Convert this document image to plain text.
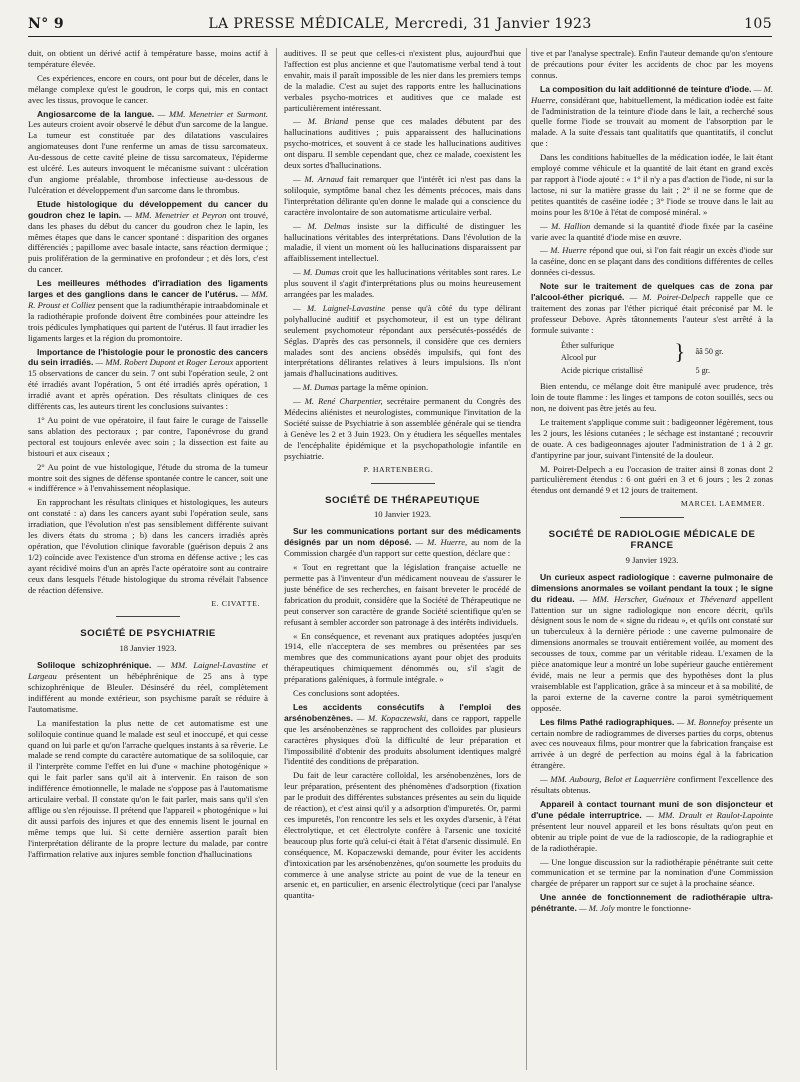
N° 9	LA PRESSE MÉDICALE, Mercredi, 31 Janvier 1923	105

duit, on obtient un dérivé actif à température basse, moins actif à température élevée.

Ces expériences, encore en cours, ont pour but de déceler, dans le mélange complexe qu'est le goudron, le corps qui, mis en contact avec les tissus, provoque le cancer.

Angiosarcome de la langue. — MM. Menetrier et Surmont. Les auteurs croient avoir observé le début d'un sarcome de la langue. La tumeur est constituée par des dilatations vasculaires angiomateuses dont l'une renferme un amas de tissu sarcomateux. Au-dessous de cette cavité pleine de tissu sarcomateux, l'épiderme est ulcéré. Les auteurs invoquent le mécanisme suivant : ulcération d'un angiome préalable, thrombose infectieuse au-dessous de l'ulcération et développement d'un sarcome dans le thrombus.

Etude histologique du développement du cancer du goudron chez le lapin. — MM. Menetrier et Peyron ont trouvé, dans les phases du début du cancer du goudron chez le lapin, les mêmes étapes que dans le cancer spontané : disparition des organes différenciés ; papillome avec basale intacte, sans réaction dermique ; puis prolifération de la germinative en profondeur ; et dès lors, c'est du cancer.

Les meilleures méthodes d'irradiation des ligaments larges et des ganglions dans le cancer de l'utérus. — MM. R. Proust et Colliez pensent que la radiumthérapie intraabdominale et la radiothérapie profonde doivent être combinées pour atteindre les trois pédicules lymphatiques qui partent de l'utérus. Il faut irradier les ligaments larges et la région du promontoire.

Importance de l'histologie pour le pronostic des cancers du sein irradiés. — MM. Robert Dupont et Roger Leroux apportent 15 observations de cancer du sein. 7 ont subi l'opération seule, 2 ont été irradiés avant l'opération, 5 ont été irradiés après opération, 1 irradié avant et après opération. Des résultats cliniques de ces différents cas, les auteurs tirent les conclusions suivantes :

1° Au point de vue opératoire, il faut faire le curage de l'aisselle sans ablation des pectoraux ; par contre, l'aponévrose du grand pectoral est toujours enlevée avec soin ; la dissection est faite au bistouri et aux ciseaux ;

2° Au point de vue histologique, l'étude du stroma de la tumeur montre soit des signes de défense spontanée contre le cancer, soit une « indifférence » à l'envahissement néoplasique.

En rapprochant les résultats cliniques et histologiques, les auteurs ont constaté : a) dans les cancers ayant subi l'opération seule, sans irradiation, que l'évolution n'est pas sensiblement différente suivant les divers états du stroma ; b) dans les cancers irradiés après opération, que l'évolution clinique favorable (guérison depuis 2 ans 1/2) coïncide avec l'existence d'un stroma en défense active ; les cas ayant récidivé moins d'un an après l'acte opératoire sont au contraire ceux dans lesquels l'étude histologique du stroma révélait l'absence de réaction défensive.

E. CIVATTE.
SOCIÉTÉ DE PSYCHIATRIE
18 Janvier 1923.

Soliloque schizophrénique. — MM. Laignel-Lavastine et Largeau présentent un hébéphrénique de 25 ans à type schizophrénique de Bleuler. Désinséré du réel, complètement indifférent au monde extérieur, son psychisme paraît se réduire à l'automatisme.

La manifestation la plus nette de cet automatisme est une soliloquie continue quand le malade est seul et inoccupé, et qui cesse quand on lui parle et qu'on l'arrache quelques instants à sa rêverie. Le malade se rend compte du caractère automatique de sa soliloquie, car il l'interprète comme l'effet en lui d'une « machine photogénique » qui le fait parler sans qu'il ait à intervenir. En raison de son indifférence émotionnelle, le malade ne s'oppose pas à l'automatisme articulaire verbal. Il constate qu'on le fait parler, mais sans qu'il s'en afflige ou s'en réjouisse. Il prétend que l'appareil « photogénique » lui dit aussi parfois des injures et que des ennemis lisent le journal en même temps que lui. Si cette dernière assertion paraît bien l'interprétation délirante de la propre lecture du malade, par contre l'affirmation relative aux injures semble fonction d'hallucinations

auditives. Il se peut que celles-ci n'existent plus, aujourd'hui que l'affection est plus ancienne et que l'automatisme verbal tend à tout envahir, mais il paraît impossible de les nier dans les premiers temps de la maladie. C'est au sujet des rapports entre les hallucinations verbales psycho-motrices et auditives que ce malade est particulièrement intéressant.

— M. Briand pense que ces malades débutent par des hallucinations auditives ; puis apparaissent des hallucinations psycho-motrices, et souvent à ce stade les hallucinations auditives ont disparu. Il semble cependant que, chez ce malade, coexistent les deux sortes d'hallucinations.

— M. Arnaud fait remarquer que l'intérêt ici n'est pas dans la soliloquie, symptôme banal chez les déments précoces, mais dans l'interprétation délirante qu'en donne le malade qui a conscience du caractère involontaire de son automatisme articulaire verbal.

— M. Delmas insiste sur la difficulté de distinguer les hallucinations véritables des interprétations. Dans l'évolution de la maladie, il vient un moment où les hallucinations disparaissent par affaiblissement intellectuel.

— M. Dumas croit que les hallucinations véritables sont rares. Le plus souvent il s'agit d'interprétations plus ou moins heureusement arrangées par les malades.

— M. Laignel-Lavastine pense qu'à côté du type délirant polyhallucinė auditif et psychomoteur, il est un type délirant seulement psychomoteur répondant aux persécutés-possédés de Séglas. D'après des cas personnels, il considère que ces derniers malades sont des anciens obsédés impulsifs, qui font des interprétations délirantes relatives à leurs impulsions. Ils n'ont jamais d'hallucinations auditives.

— M. Dumas partage la même opinion.

— M. René Charpentier, secrétaire permanent du Congrès des Médecins aliénistes et neurologistes, communique l'invitation de la Société suisse de Psychiatrie à son assemblée générale qui se tiendra à Genève les 2 et 3 Juin 1923. On y étudiera les séquelles mentales de l'encéphalite épidémique et la psychopathologie infantile en psychiatrie.

P. HARTENBERG.
SOCIÉTÉ DE THÉRAPEUTIQUE
10 Janvier 1923.

Sur les communications portant sur des médicaments désignés par un nom déposé. — M. Huerre, au nom de la Commission chargée d'un rapport sur cette question, déclare que :

« Tout en regrettant que la législation française actuelle ne permette pas à l'inventeur d'un médicament nouveau de s'assurer le juste bénéfice de ses recherches, en faisant breveter le procédé de fabrication du produit, considère que la Société de Thérapeutique ne peut conserver son caractère de grande Société scientifique qu'en se refusant à sembler accorder son patronage à des intérêts individuels.

« En conséquence, et revenant aux pratiques adoptées jusqu'en 1914, elle n'acceptera de ses membres ou présentées par ses membres que des communications ayant pour objet des produits thérapeutiques chimiquement dénommés ou, s'il s'agit de préparations galéniques, à formule intégrale. »

Ces conclusions sont adoptées.

Les accidents consécutifs à l'emploi des arsénobenzènes. — M. Kopaczewski, dans ce rapport, rappelle que les arsénobenzènes se rapprochent des colloïdes par plusieurs caractères physiques d'où la difficulté de leur préparation et l'impossibilité d'obtenir des produits absolument identiques malgré l'identité des conditions de préparation.

Du fait de leur caractère colloïdal, les arsénobenzènes, lors de leur préparation, présentent des phénomènes d'adsorption (fixation par le produit des différentes substances présentes au sein du liquide de réaction), et c'est ainsi qu'il y a adsorption d'impuretés. Or, parmi ces impuretés, l'on rencontre les sels et les oxydes d'arsenic, à l'état électrolytique, et cet électrolyte confère à l'arsenic une toxicité beaucoup plus forte qu'à celui-ci était à l'état d'arsenic dissimulé. En conséquence, M. Kopaczewski demande, pour éviter les accidents d'intoxication par les arsénobenzènes, qu'on soumette les produits du commerce à une analyse stricte au point de vue de la teneur en arsenic et, en particulier, en arsenic électrolytique (ceci par l'analyse quantita-

tive et par l'analyse spectrale). Enfin l'auteur demande qu'on s'entoure de précautions pour éviter les accidents de choc par les moyens connus.

La composition du lait additionné de teinture d'iode. — M. Huerre, considérant que, habituellement, la médication iodée est faite de l'administration de la teinture d'iode dans le lait, a recherché sous quelle forme l'iode se trouvait au moment de l'absorption par le malade. A la suite d'essais tant qualitatifs que quantitatifs, il conclut que :

Dans les conditions habituelles de la médication iodée, le lait étant employé comme véhicule et la quantité de lait étant en grand excès par rapport à l'iode ajouté : « 1° il n'y a pas d'action de l'iode, ni sur la lactose, ni sur la matière grasse du lait ; 2° il ne se forme que de petites quantités de caséine iodée ; 3° l'iode se trouve dans le lait au moins pour les 8/10e à l'état de composé minéral. »

— M. Hallion demande si la quantité d'iode fixée par la caséine varie avec la quantité d'iode mise en œuvre.

— M. Huerre répond que oui, si l'on fait réagir un excès d'iode sur la caséine, donc en se plaçant dans des conditions différentes de celles données ci-dessus.

Note sur le traitement de quelques cas de zona par l'alcool-éther picriqué. — M. Poiret-Delpech rappelle que ce traitement des zonas par l'éther picriqué était préconisé par M. le professeur Debove. Après tâtonnements l'auteur s'est arrêté à la formule suivante :

Éther sulfurique	}	ââ 50 gr.
Alcool pur		
Acide picrique cristallisé		5 gr.

Bien entendu, ce mélange doit être manipulé avec prudence, très loin de toute flamme : les linges et tampons de coton souillés, secs ou non, ne doivent pas être jetés au feu.

Le traitement s'applique comme suit : badigeonner légèrement, tous les 2 jours, les lésions cutanées ; le séchage est instantané ; recouvrir de ouate. A ces badigeonnages ajouter l'administration de 1 à 2 gr. d'antipyrine par jour, suivant l'intensité de la douleur.

M. Poiret-Delpech a eu l'occasion de traiter ainsi 8 zonas dont 2 particulièrement étendus : 6 ont guéri en 3 et 6 jours ; les 2 zonas étendus ont demandé 9 et 12 jours de traitement.

MARCEL LAEMMER.
SOCIÉTÉ DE RADIOLOGIE MÉDICALE DE FRANCE
9 Janvier 1923.

Un curieux aspect radiologique : caverne pulmonaire de dimensions anormales se voilant pendant la toux ; le signe du rideau. — MM. Herscher, Guénaux et Thévenard appellent l'attention sur un signe radiologique non encore décrit, qu'ils désignent sous le nom de « signe du rideau », et qu'ils ont constaté sur un tuberculeux à la dernière période : une caverne pulmonaire de dimensions anormales se trouvait entièrement voilée, au moment des secousses de toux, comme par un véritable rideau. L'examen de la pièce anatomique leur a montré un lobe supérieur gauche entièrement évidé, mais ne leur a permis que des hypothèses dont la plus vraisemblable est l'application, grâce à sa minceur et à sa mobilité, de la paroi externe de la caverne contre la paroi symétriquement opposée.

Les films Pathé radiographiques. — M. Bonnefoy présente un certain nombre de radiogrammes de diverses parties du corps, obtenus avec ces nouveaux films, pour montrer que la fabrication française est arrivée à un degré de perfection au moins égal à la fabrication étrangère.

— MM. Aubourg, Belot et Laquerrière confirment l'excellence des résultats obtenus.

Appareil à contact tournant muni de son disjoncteur et d'une pédale interruptrice. — MM. Drault et Raulot-Lapointe présentent leur nouvel appareil et les bons résultats qu'on peut en obtenir au triple point de vue de la radioscopie, de la radiographie et de la radiothérapie.

— Une longue discussion sur la radiothérapie pénétrante suit cette communication et se termine par la nomination d'une Commission chargée de préparer un rapport sur ce sujet à la prochaine séance.

Une année de fonctionnement de radiothérapie ultra-pénétrante. — M. Joly montre le fonctionne-
